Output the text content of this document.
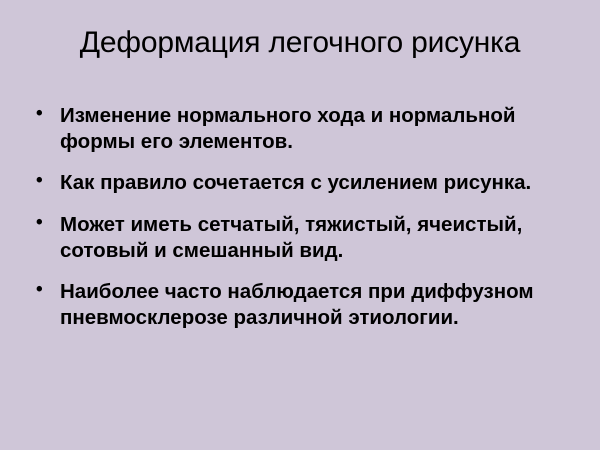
Деформация легочного рисунка
• Изменение нормального хода и нормальной формы его элементов.
• Как правило сочетается с усилением рисунка.
• Может иметь сетчатый, тяжистый, ячеистый, сотовый и смешанный вид.
• Наиболее часто наблюдается при диффузном пневмосклерозе различной этиологии.
